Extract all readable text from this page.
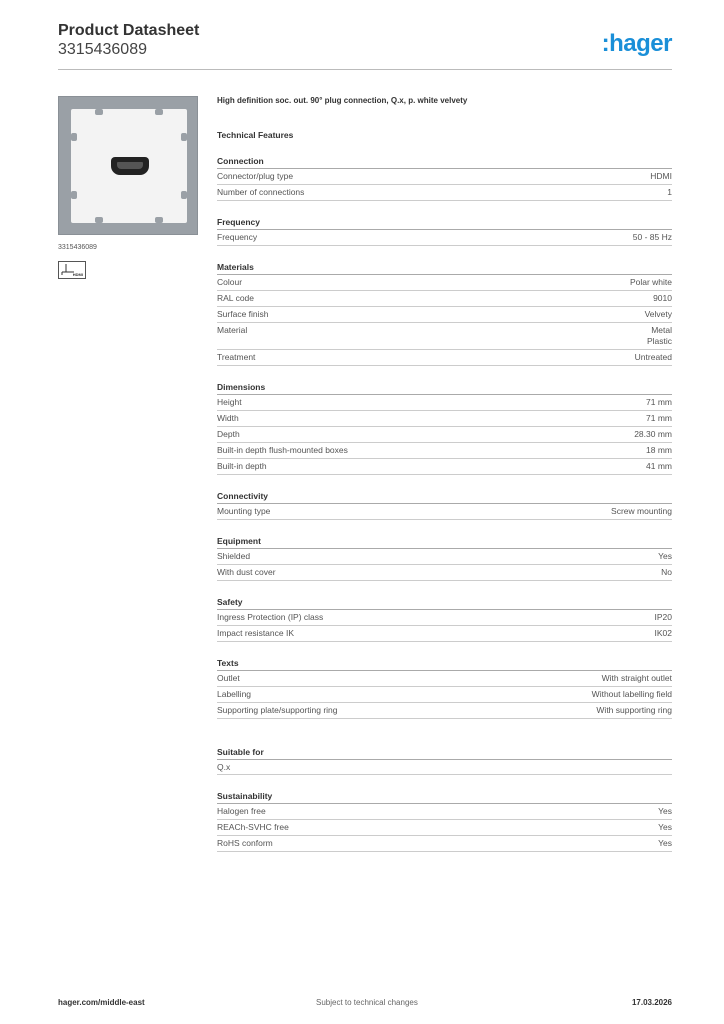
Product Datasheet
3315436089	:hager
3315436089
HDMI
High definition soc. out. 90° plug connection, Q.x, p. white velvety
Technical Features
Connection
Connector/plug type	HDMI
Number of connections	1
Frequency
Frequency	50 - 85 Hz
Materials
Colour	Polar white
RAL code	9010
Surface finish	Velvety
Material	Metal
Plastic
Treatment	Untreated
Dimensions
Height	71 mm
Width	71 mm
Depth	28.30 mm
Built-in depth flush-mounted boxes	18 mm
Built-in depth	41 mm
Connectivity
Mounting type	Screw mounting
Equipment
Shielded	Yes
With dust cover	No
Safety
Ingress Protection (IP) class	IP20
Impact resistance IK	IK02
Texts
Outlet	With straight outlet
Labelling	Without labelling field
Supporting plate/supporting ring	With supporting ring
Suitable for
Q.x
Sustainability
Halogen free	Yes
REACh-SVHC free	Yes
RoHS conform	Yes
hager.com/middle-east	Subject to technical changes	17.03.2026
